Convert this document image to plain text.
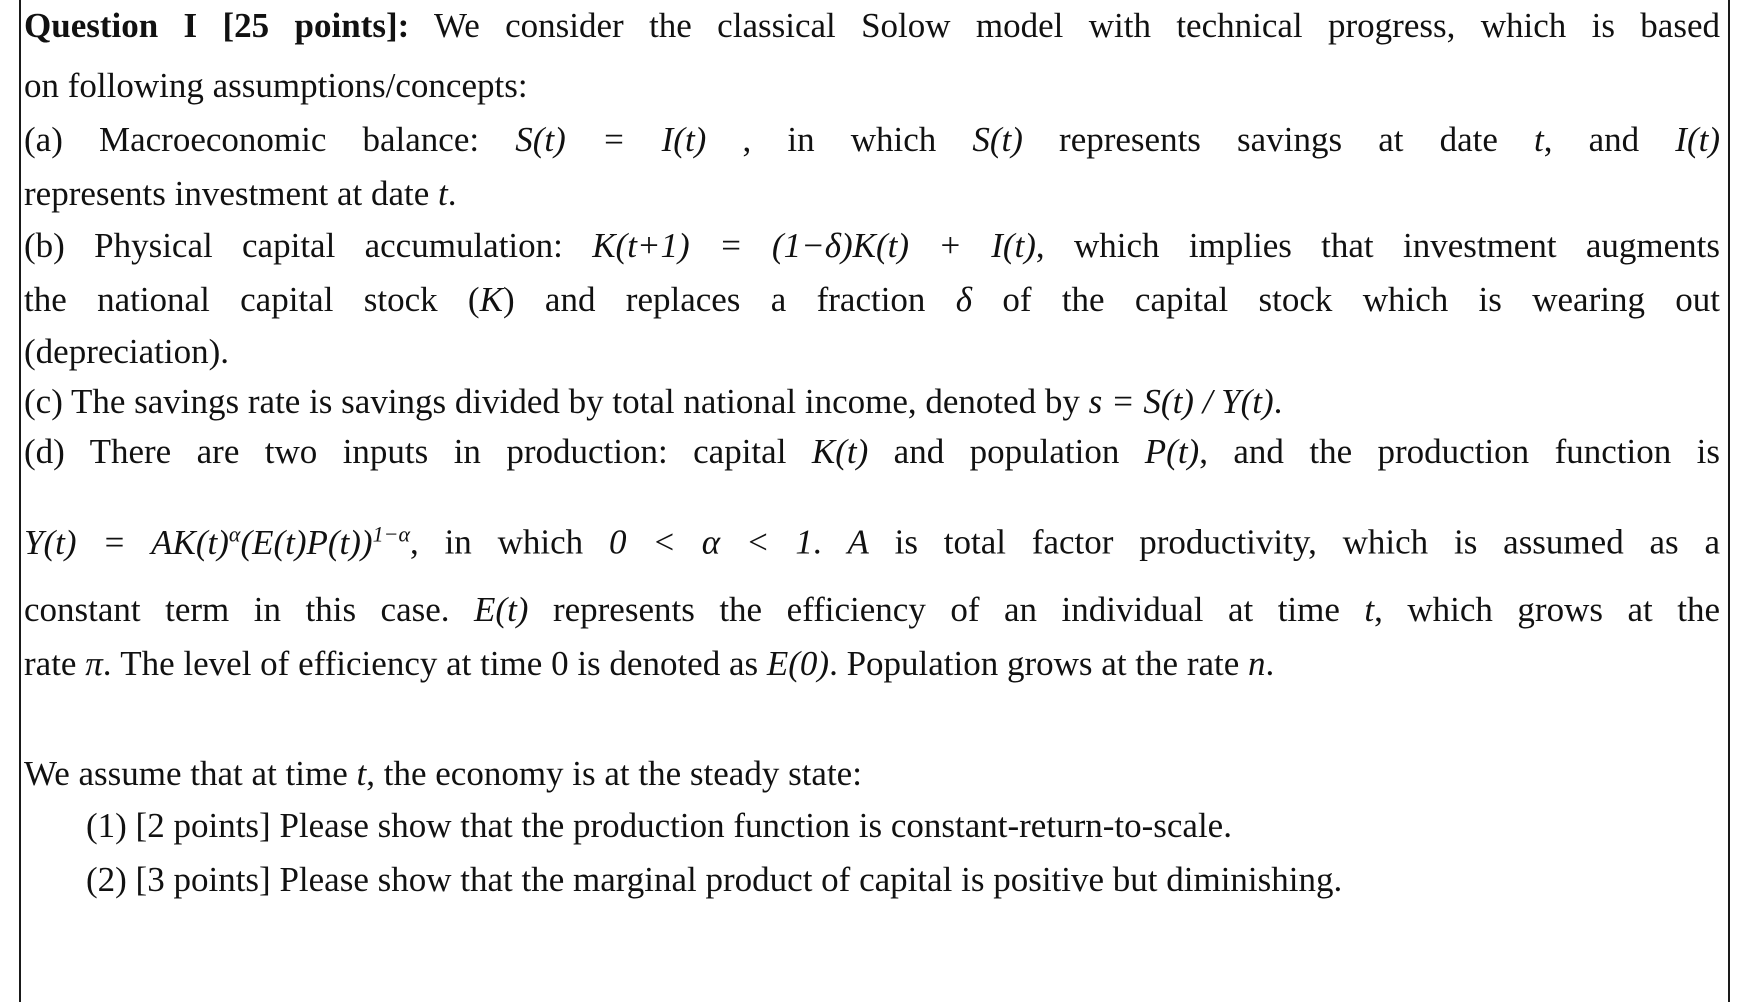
Question I [25 points]: We consider the classical Solow model with technical progress, which is based
on following assumptions/concepts:
(a) Macroeconomic balance: S(t) = I(t) , in which S(t) represents savings at date t, and I(t)
represents investment at date t.
(b) Physical capital accumulation: K(t+1) = (1−δ)K(t) + I(t), which implies that investment augments
the national capital stock (K) and replaces a fraction δ of the capital stock which is wearing out
(depreciation).
(c) The savings rate is savings divided by total national income, denoted by s = S(t) / Y(t).
(d) There are two inputs in production: capital K(t) and population P(t), and the production function is
$Y(t) = AK(t)^\alpha(E(t)P(t))^{1-\alpha}$, in which 0 < α < 1. A is total factor productivity, which is assumed as a
constant term in this case. E(t) represents the efficiency of an individual at time t, which grows at the
rate π. The level of efficiency at time 0 is denoted as E(0). Population grows at the rate n.
We assume that at time t, the economy is at the steady state:
(1) [2 points] Please show that the production function is constant-return-to-scale.
(2) [3 points] Please show that the marginal product of capital is positive but diminishing.
